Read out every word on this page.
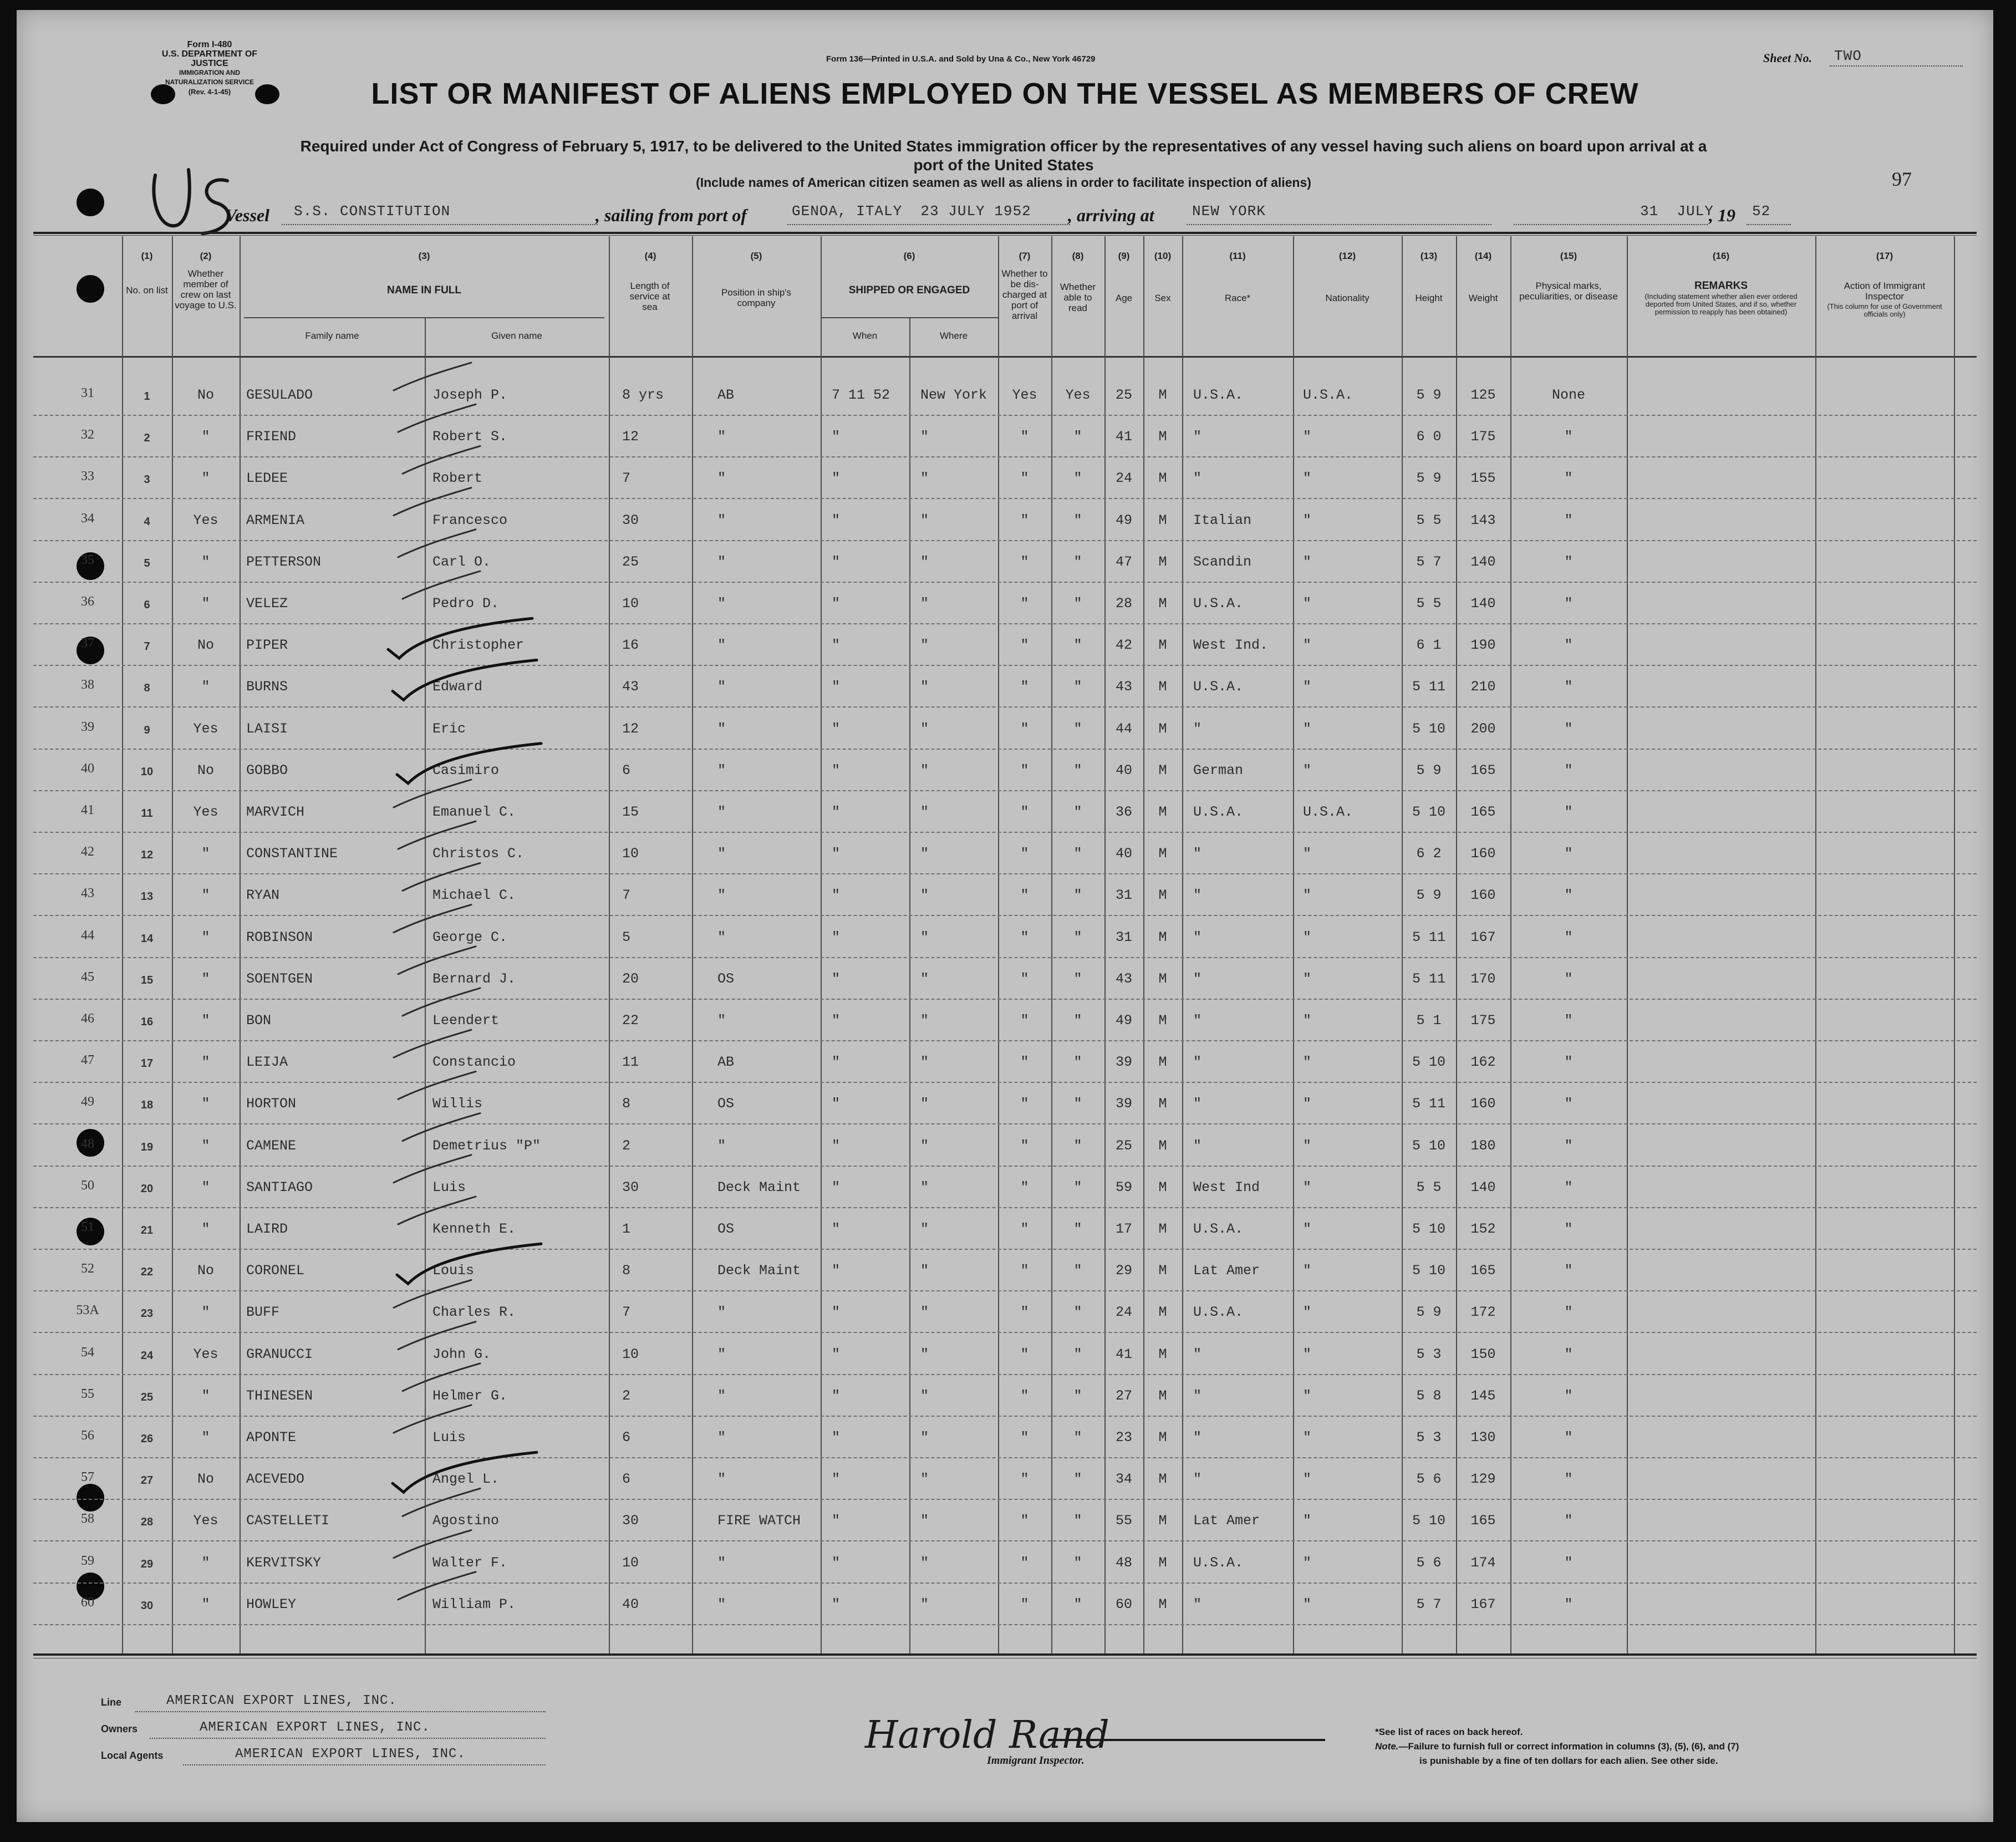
Form I-480
U.S. DEPARTMENT OF JUSTICE
IMMIGRATION AND NATURALIZATION SERVICE
(Rev. 4-1-45)
Form 136—Printed in U.S.A. and Sold by Una & Co., New York 46729	Sheet No. TWO
LIST OR MANIFEST OF ALIENS EMPLOYED ON THE VESSEL AS MEMBERS OF CREW
Required under Act of Congress of February 5, 1917, to be delivered to the United States immigration officer by the representatives of any vessel having such aliens on board upon arrival at a
port of the United States
(Include names of American citizen seamen as well as aliens in order to facilitate inspection of aliens)	97
Vessel S.S. CONSTITUTION	, sailing from port of	GENOA, ITALY  23 JULY 1952 , arriving at	NEW YORK	31  JULY
, 19 52
(1)
No. on list
(2)
Whether member of crew on last voyage to U.S.
(3)
NAME IN FULL
Family name	Given name
(4)
Length of service at sea
(5)
Position in ship's company
(6)
SHIPPED OR ENGAGED
When	Where
(7)
Whether to be dis- charged at port of arrival
(8)
Whether able to read
(9)
Age
(10)
Sex
(11)
Race*
(12)
Nationality
(13)
Height
(14)
Weight
(15)
Physical marks, peculiarities, or disease
(16)
REMARKS
(Including statement whether alien ever ordered deported from United States, and if so, whether permission to reapply has been obtained)
(17)
Action of Immigrant Inspector
(This column for use of Government officials only)
31	1	No	GESULADO	Joseph P.	8 yrs	AB	7 11 52	New York	Yes	Yes	25	M	U.S.A.	U.S.A.	5 9	125	None
32	2	"	FRIEND	Robert S.	12	"	"	"	"	"	41	M	"	"	6 0	175	"
33	3	"	LEDEE	Robert	7	"	"	"	"	"	24	M	"	"	5 9	155	"
34	4	Yes	ARMENIA	Francesco	30	"	"	"	"	"	49	M	Italian	"	5 5	143	"
35	5	"	PETTERSON	Carl O.	25	"	"	"	"	"	47	M	Scandin	"	5 7	140	"
36	6	"	VELEZ	Pedro D.	10	"	"	"	"	"	28	M	U.S.A.	"	5 5	140	"
37	7	No	PIPER	Christopher	16	"	"	"	"	"	42	M	West Ind.	"	6 1	190	"
38	8	"	BURNS	Edward	43	"	"	"	"	"	43	M	U.S.A.	"	5 11	210	"
39	9	Yes	LAISI	Eric	12	"	"	"	"	"	44	M	"	"	5 10	200	"
40	10	No	GOBBO	Casimiro	6	"	"	"	"	"	40	M	German	"	5 9	165	"
41	11	Yes	MARVICH	Emanuel C.	15	"	"	"	"	"	36	M	U.S.A.	U.S.A.	5 10	165	"
42	12	"	CONSTANTINE	Christos C.	10	"	"	"	"	"	40	M	"	"	6 2	160	"
43	13	"	RYAN	Michael C.	7	"	"	"	"	"	31	M	"	"	5 9	160	"
44	14	"	ROBINSON	George C.	5	"	"	"	"	"	31	M	"	"	5 11	167	"
45	15	"	SOENTGEN	Bernard J.	20	OS	"	"	"	"	43	M	"	"	5 11	170	"
46	16	"	BON	Leendert	22	"	"	"	"	"	49	M	"	"	5 1	175	"
47	17	"	LEIJA	Constancio	11	AB	"	"	"	"	39	M	"	"	5 10	162	"
49	18	"	HORTON	Willis	8	OS	"	"	"	"	39	M	"	"	5 11	160	"
48	19	"	CAMENE	Demetrius "P"	2	"	"	"	"	"	25	M	"	"	5 10	180	"
50	20	"	SANTIAGO	Luis	30	Deck Maint	"	"	"	"	59	M	West Ind	"	5 5	140	"
51	21	"	LAIRD	Kenneth E.	1	OS	"	"	"	"	17	M	U.S.A.	"	5 10	152	"
52	22	No	CORONEL	Louis	8	Deck Maint	"	"	"	"	29	M	Lat Amer	"	5 10	165	"
53A	23	"	BUFF	Charles R.	7	"	"	"	"	"	24	M	U.S.A.	"	5 9	172	"
54	24	Yes	GRANUCCI	John G.	10	"	"	"	"	"	41	M	"	"	5 3	150	"
55	25	"	THINESEN	Helmer G.	2	"	"	"	"	"	27	M	"	"	5 8	145	"
56	26	"	APONTE	Luis	6	"	"	"	"	"	23	M	"	"	5 3	130	"
57	27	No	ACEVEDO	Angel L.	6	"	"	"	"	"	34	M	"	"	5 6	129	"
58	28	Yes	CASTELLETI	Agostino	30	FIRE WATCH	"	"	"	"	55	M	Lat Amer	"	5 10	165	"
59	29	"	KERVITSKY	Walter F.	10	"	"	"	"	"	48	M	U.S.A.	"	5 6	174	"
60	30	"	HOWLEY	William P.	40	"	"	"	"	"	60	M	"	"	5 7	167	"
Line	AMERICAN EXPORT LINES, INC.
Owners	AMERICAN EXPORT LINES, INC.
Local Agents	AMERICAN EXPORT LINES, INC.	Harold Rand
Immigrant Inspector.
*See list of races on back hereof.
Note.—Failure to furnish full or correct information in columns (3), (5), (6), and (7)
is punishable by a fine of ten dollars for each alien. See other side.
